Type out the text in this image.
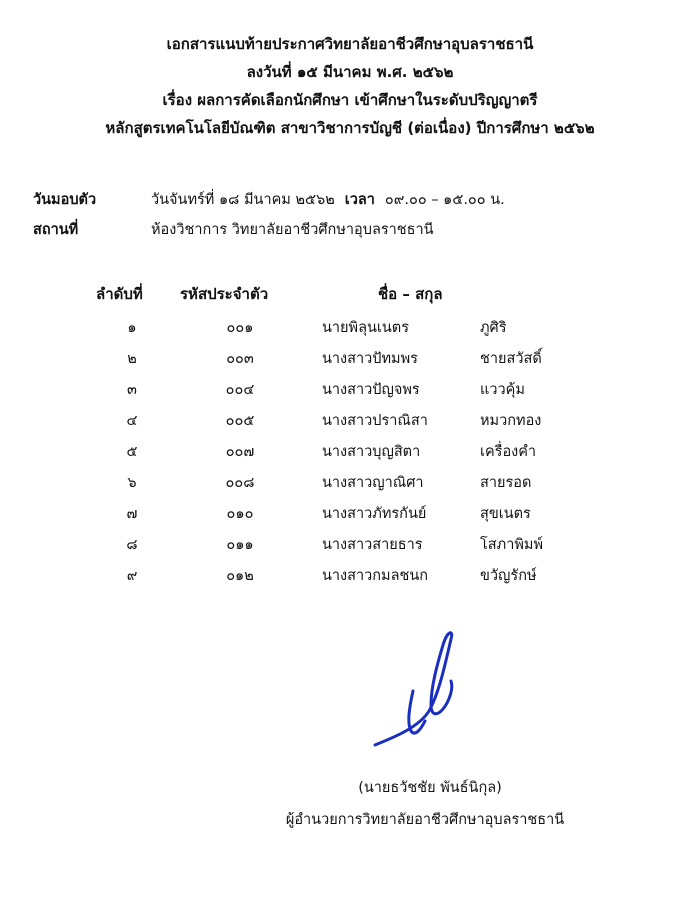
เอกสารแนบท้ายประกาศวิทยาลัยอาชีวศึกษาอุบลราชธานี
ลงวันที่ ๑๕ มีนาคม พ.ศ. ๒๕๖๒
เรื่อง ผลการคัดเลือกนักศึกษา เข้าศึกษาในระดับปริญญาตรี
หลักสูตรเทคโนโลยีบัณฑิต สาขาวิชาการบัญชี (ต่อเนื่อง) ปีการศึกษา ๒๕๖๒
วันมอบตัว	วันจันทร์ที่ ๑๘ มีนาคม ๒๕๖๒ เวลา ๐๙.๐๐ – ๑๕.๐๐ น.
สถานที่	ห้องวิชาการ วิทยาลัยอาชีวศึกษาอุบลราชธานี
ลำดับที่ รหัสประจำตัว	ชื่อ – สกุล
๑	๐๐๑	นายพิลุนเนตร	ภูศิริ
๒	๐๐๓	นางสาวปัทมพร	ชายสวัสดิ์
๓	๐๐๔	นางสาวปัญจพร	แววคุ้ม
๔	๐๐๕	นางสาวปราณิสา	หมวกทอง
๕	๐๐๗	นางสาวบุญสิตา	เครื่องคำ
๖	๐๐๘	นางสาวญาณิศา	สายรอด
๗	๐๑๐	นางสาวภัทรกันย์	สุขเนตร
๘	๐๑๑	นางสาวสายธาร	โสภาพิมพ์
๙	๐๑๒	นางสาวกมลชนก	ขวัญรักษ์
(นายธวัชชัย พันธ์นิกุล)
ผู้อำนวยการวิทยาลัยอาชีวศึกษาอุบลราชธานี
